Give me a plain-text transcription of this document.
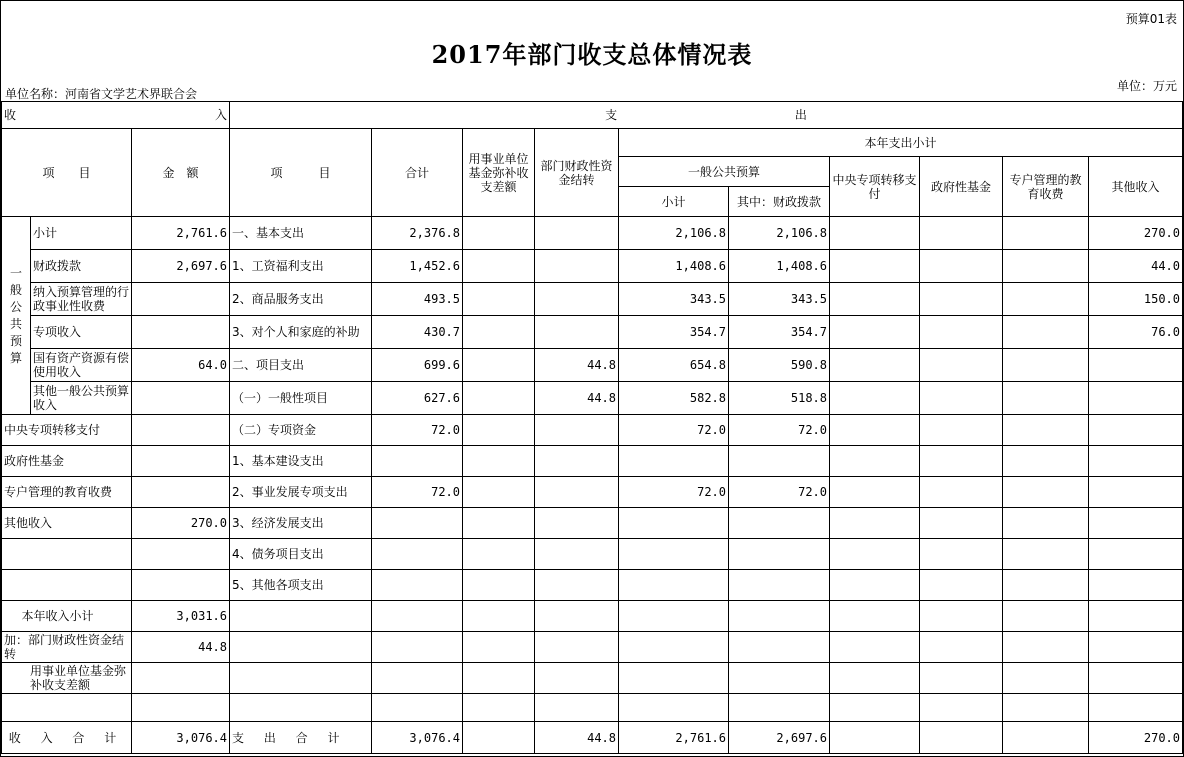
预算01表
2017年部门收支总体情况表
单位名称：河南省文学艺术界联合会
单位：万元
收 入			支 出									
项　　目		金　额	项　　　目	合计	用事业单位基金弥补收支差额	部门财政性资金结转	本年支出小计					
							一般公共预算		中央专项转移支付	政府性基金	专户管理的教育收费	其他收入
							小计	其中：财政拨款				
一般公共预算	小计	2,761.6	一、基本支出	2,376.8			2,106.8	2,106.8				270.0
	财政拨款	2,697.6	1、工资福利支出	1,452.6			1,408.6	1,408.6				44.0
	纳入预算管理的行政事业性收费		2、商品服务支出	493.5			343.5	343.5				150.0
	专项收入		3、对个人和家庭的补助	430.7			354.7	354.7				76.0
	国有资产资源有偿使用收入	64.0	二、项目支出	699.6		44.8	654.8	590.8				
	其他一般公共预算收入		（一）一般性项目	627.6		44.8	582.8	518.8				
中央专项转移支付			（二）专项资金	72.0			72.0	72.0				
政府性基金			1、基本建设支出									
专户管理的教育收费			2、事业发展专项支出	72.0			72.0	72.0				
其他收入		270.0	3、经济发展支出									
			4、债务项目支出									
			5、其他各项支出									
本年收入小计		3,031.6										
加：部门财政性资金结转		44.8										
用事业单位基金弥补收支差额												

收 入 合 计		3,076.4	支 出 合 计	3,076.4		44.8	2,761.6	2,697.6				270.0
